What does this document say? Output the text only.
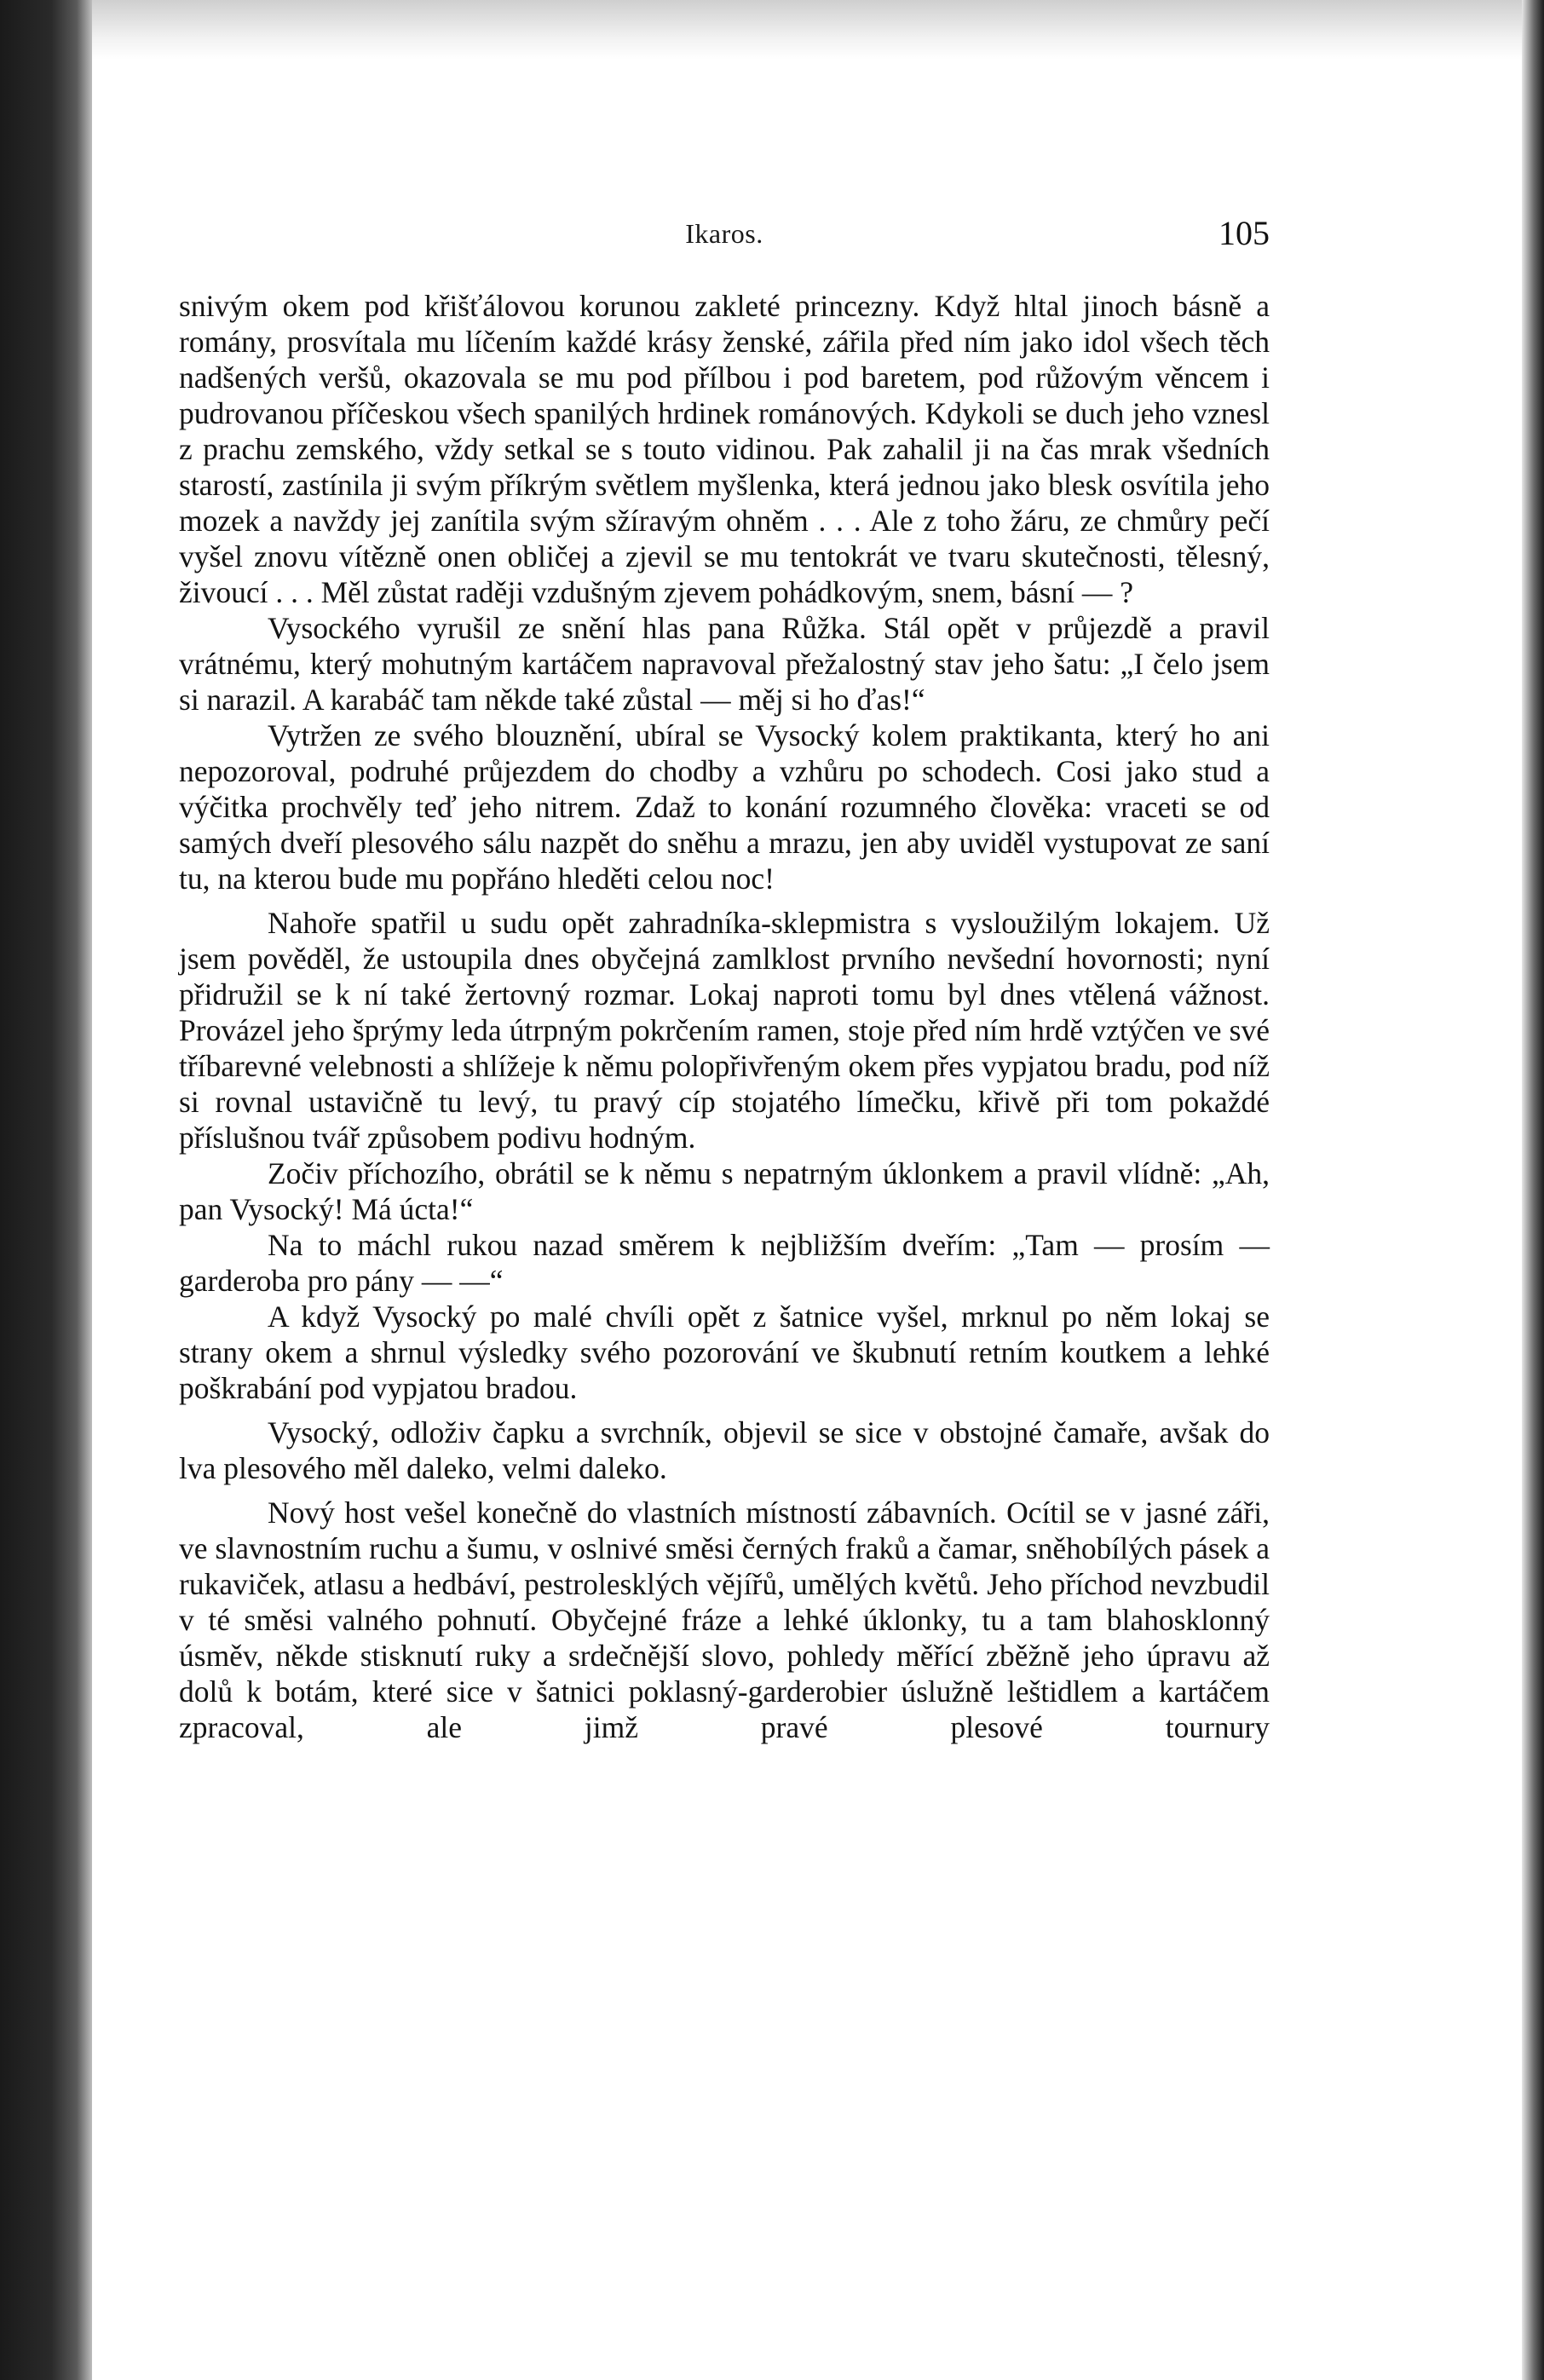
Ikaros.	105

snivým okem pod křišťálovou korunou zakleté princezny. Když hltal jinoch básně a romány, prosvítala mu líčením každé krásy ženské, zářila před ním jako idol všech těch nadšených veršů, okazovala se mu pod přílbou i pod baretem, pod růžovým věncem i pudrovanou příčeskou všech spanilých hrdinek románových. Kdykoli se duch jeho vznesl z prachu zemského, vždy setkal se s touto vidinou. Pak zahalil ji na čas mrak všedních starostí, zastínila ji svým příkrým světlem myšlenka, která jednou jako blesk osvítila jeho mozek a navždy jej zanítila svým sžíravým ohněm . . . Ale z toho žáru, ze chmůry pečí vyšel znovu vítězně onen obličej a zjevil se mu tentokrát ve tvaru skutečnosti, tělesný, živoucí . . . Měl zůstat raději vzdušným zjevem pohádkovým, snem, básní — ?

Vysockého vyrušil ze snění hlas pana Růžka. Stál opět v průjezdě a pravil vrátnému, který mohutným kartáčem napravoval přežalostný stav jeho šatu: „I čelo jsem si narazil. A karabáč tam někde také zůstal — měj si ho ďas!“

Vytržen ze svého blouznění, ubíral se Vysocký kolem praktikanta, který ho ani nepozoroval, podruhé průjezdem do chodby a vzhůru po schodech. Cosi jako stud a výčitka prochvěly teď jeho nitrem. Zdaž to konání rozumného člověka: vraceti se od samých dveří plesového sálu nazpět do sněhu a mrazu, jen aby uviděl vystupovat ze saní tu, na kterou bude mu popřáno hleděti celou noc!

Nahoře spatřil u sudu opět zahradníka-sklepmistra s vysloužilým lokajem. Už jsem pověděl, že ustoupila dnes obyčejná zamlklost prvního nevšední hovornosti; nyní přidružil se k ní také žertovný rozmar. Lokaj naproti tomu byl dnes vtělená vážnost. Provázel jeho šprýmy leda útrpným pokrčením ramen, stoje před ním hrdě vztýčen ve své tříbarevné velebnosti a shlížeje k němu polopřivřeným okem přes vypjatou bradu, pod níž si rovnal ustavičně tu levý, tu pravý cíp stojatého límečku, křivě při tom pokaždé příslušnou tvář způsobem podivu hodným.

Zočiv příchozího, obrátil se k němu s nepatrným úklonkem a pravil vlídně: „Ah, pan Vysocký! Má úcta!“

Na to máchl rukou nazad směrem k nejbližším dveřím: „Tam — prosím — garderoba pro pány — —“

A když Vysocký po malé chvíli opět z šatnice vyšel, mrknul po něm lokaj se strany okem a shrnul výsledky svého pozorování ve škubnutí retním koutkem a lehké poškrabání pod vypjatou bradou.

Vysocký, odloživ čapku a svrchník, objevil se sice v obstojné čamaře, avšak do lva plesového měl daleko, velmi daleko.

Nový host vešel konečně do vlastních místností zábavních. Ocítil se v jasné záři, ve slavnostním ruchu a šumu, v oslnivé směsi černých fraků a čamar, sněhobílých pásek a rukaviček, atlasu a hedbáví, pestrolesklých vějířů, umělých květů. Jeho příchod nevzbudil v té směsi valného pohnutí. Obyčejné fráze a lehké úklonky, tu a tam blahosklonný úsměv, někde stisknutí ruky a srdečnější slovo, pohledy měřící zběžně jeho úpravu až dolů k botám, které sice v šatnici poklasný-garderobier úslužně leštidlem a kartáčem zpracoval, ale jimž pravé plesové tournury
